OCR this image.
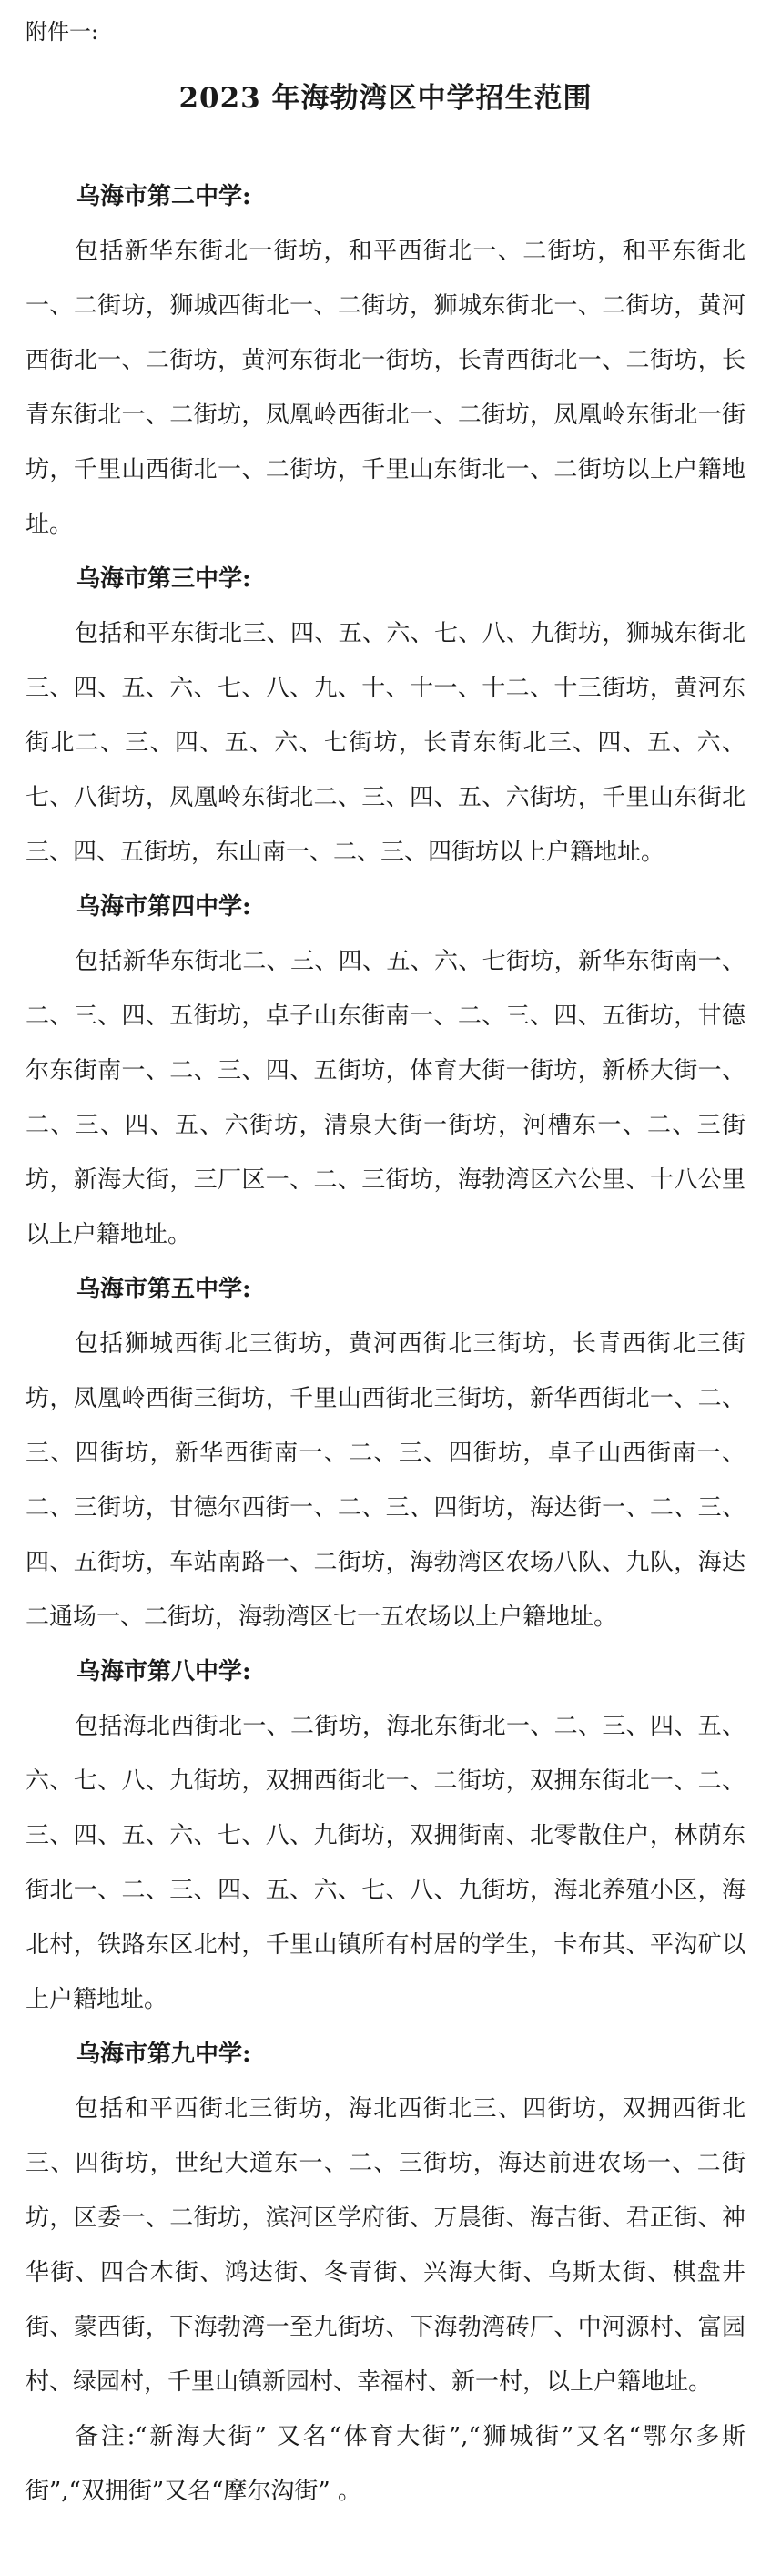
附件一:

2023 年海勃湾区中学招生范围

乌海市第二中学:

包括新华东街北一街坊，和平西街北一、二街坊，和平东街北一、二街坊，狮城西街北一、二街坊，狮城东街北一、二街坊，黄河西街北一、二街坊，黄河东街北一街坊，长青西街北一、二街坊，长青东街北一、二街坊，凤凰岭西街北一、二街坊，凤凰岭东街北一街坊，千里山西街北一、二街坊，千里山东街北一、二街坊以上户籍地址。

乌海市第三中学:

包括和平东街北三、四、五、六、七、八、九街坊，狮城东街北三、四、五、六、七、八、九、十、十一、十二、十三街坊，黄河东街北二、三、四、五、六、七街坊，长青东街北三、四、五、六、七、八街坊，凤凰岭东街北二、三、四、五、六街坊，千里山东街北三、四、五街坊，东山南一、二、三、四街坊以上户籍地址。

乌海市第四中学:

包括新华东街北二、三、四、五、六、七街坊，新华东街南一、二、三、四、五街坊，卓子山东街南一、二、三、四、五街坊，甘德尔东街南一、二、三、四、五街坊，体育大街一街坊，新桥大街一、二、三、四、五、六街坊，清泉大街一街坊，河槽东一、二、三街坊，新海大街，三厂区一、二、三街坊，海勃湾区六公里、十八公里以上户籍地址。

乌海市第五中学:

包括狮城西街北三街坊，黄河西街北三街坊，长青西街北三街坊，凤凰岭西街三街坊，千里山西街北三街坊，新华西街北一、二、三、四街坊，新华西街南一、二、三、四街坊，卓子山西街南一、二、三街坊，甘德尔西街一、二、三、四街坊，海达街一、二、三、四、五街坊，车站南路一、二街坊，海勃湾区农场八队、九队，海达二通场一、二街坊，海勃湾区七一五农场以上户籍地址。

乌海市第八中学:

包括海北西街北一、二街坊，海北东街北一、二、三、四、五、六、七、八、九街坊，双拥西街北一、二街坊，双拥东街北一、二、三、四、五、六、七、八、九街坊，双拥街南、北零散住户，林荫东街北一、二、三、四、五、六、七、八、九街坊，海北养殖小区，海北村，铁路东区北村，千里山镇所有村居的学生，卡布其、平沟矿以上户籍地址。

乌海市第九中学:

包括和平西街北三街坊，海北西街北三、四街坊，双拥西街北三、四街坊，世纪大道东一、二、三街坊，海达前进农场一、二街坊，区委一、二街坊，滨河区学府街、万晨街、海吉街、君正街、神华街、四合木街、鸿达街、冬青街、兴海大街、乌斯太街、棋盘井街、蒙西街，下海勃湾一至九街坊、下海勃湾砖厂、中河源村、富园村、绿园村，千里山镇新园村、幸福村、新一村，以上户籍地址。

备注:“新海大街” 又名“体育大街”,“狮城街”又名“鄂尔多斯街”,“双拥街”又名“摩尔沟街” 。
